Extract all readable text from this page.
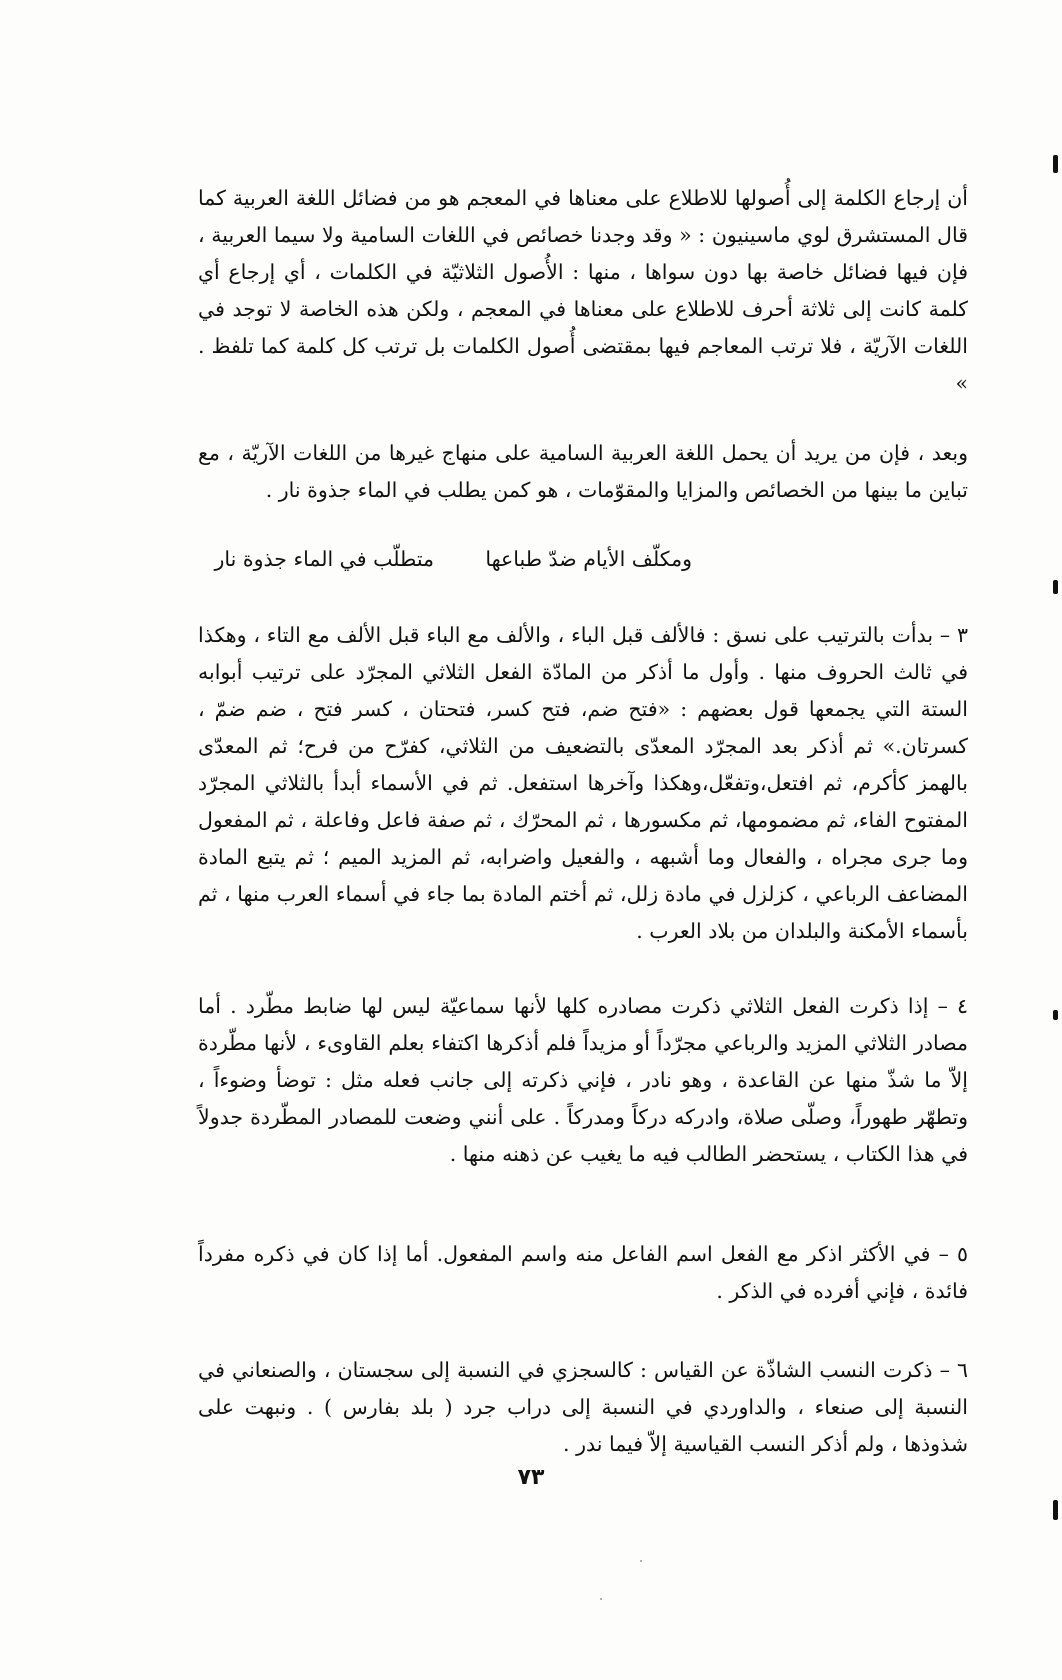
أن إرجاع الكلمة إلى أُصولها للاطلاع على معناها في المعجم هو من فضائل اللغة العربية كما قال المستشرق لوي ماسينيون : « وقد وجدنا خصائص في اللغات السامية ولا سيما العربية ، فإن فيها فضائل خاصة بها دون سواها ، منها : الأُصول الثلاثيّة في الكلمات ، أي إرجاع أي كلمة كانت إلى ثلاثة أحرف للاطلاع على معناها في المعجم ، ولكن هذه الخاصة لا توجد في اللغات الآريّة ، فلا ترتب المعاجم فيها بمقتضى أُصول الكلمات بل ترتب كل كلمة كما تلفظ . »

وبعد ، فإن من يريد أن يحمل اللغة العربية السامية على منهاج غيرها من اللغات الآريّة ، مع تباين ما بينها من الخصائص والمزايا والمقوّمات ، هو كمن يطلب في الماء جذوة نار .

ومكلّف الأيام ضدّ طباعها
متطلّب في الماء جذوة نار

٣ – بدأت بالترتيب على نسق : فالألف قبل الباء ، والألف مع الباء قبل الألف مع التاء ، وهكذا في ثالث الحروف منها . وأول ما أذكر من المادّة الفعل الثلاثي المجرّد على ترتيب أبوابه الستة التي يجمعها قول بعضهم : «فتح ضم، فتح كسر، فتحتان ، كسر فتح ، ضم ضمّ ، كسرتان.» ثم أذكر بعد المجرّد المعدّى بالتضعيف من الثلاثي، كفرّح من فرح؛ ثم المعدّى بالهمز كأكرم، ثم افتعل،وتفعّل،وهكذا وآخرها استفعل. ثم في الأسماء أبدأ بالثلاثي المجرّد المفتوح الفاء، ثم مضمومها، ثم مكسورها ، ثم المحرّك ، ثم صفة فاعل وفاعلة ، ثم المفعول وما جرى مجراه ، والفعال وما أشبهه ، والفعيل واضرابه، ثم المزيد الميم ؛ ثم يتبع المادة المضاعف الرباعي ، كزلزل في مادة زلل، ثم أختم المادة بما جاء في أسماء العرب منها ، ثم بأسماء الأمكنة والبلدان من بلاد العرب .

٤ – إذا ذكرت الفعل الثلاثي ذكرت مصادره كلها لأنها سماعيّة ليس لها ضابط مطّرد . أما مصادر الثلاثي المزيد والرباعي مجرّداً أو مزيداً فلم أذكرها اكتفاء بعلم القاوىء ، لأنها مطّردة إلاّ ما شذّ منها عن القاعدة ، وهو نادر ، فإني ذكرته إلى جانب فعله مثل : توضأ وضوءاً ، وتطهّر طهوراً، وصلّى صلاة، وادركه دركاً ومدركاً . على أنني وضعت للمصادر المطّردة جدولاً في هذا الكتاب ، يستحضر الطالب فيه ما يغيب عن ذهنه منها .

٥ – في الأكثر اذكر مع الفعل اسم الفاعل منه واسم المفعول. أما إذا كان في ذكره مفرداً فائدة ، فإني أفرده في الذكر .

٦ – ذكرت النسب الشاذّة عن القياس : كالسجزي في النسبة إلى سجستان ، والصنعاني في النسبة إلى صنعاء ، والداوردي في النسبة إلى دراب جرد ( بلد بفارس ) . ونبهت على شذوذها ، ولم أذكر النسب القياسية إلاّ فيما ندر .

٧٣
